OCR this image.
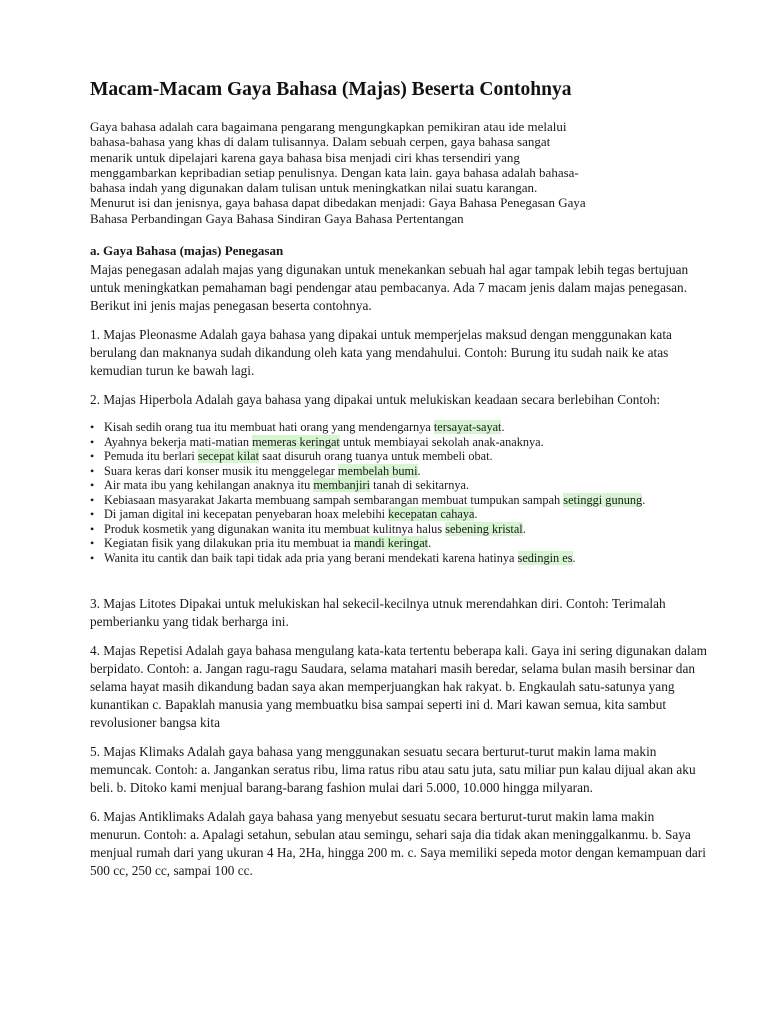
Macam-Macam Gaya Bahasa (Majas) Beserta Contohnya

Gaya bahasa adalah cara bagaimana pengarang mengungkapkan pemikiran atau ide melalui

bahasa-bahasa yang khas di dalam tulisannya. Dalam sebuah cerpen, gaya bahasa sangat

menarik untuk dipelajari karena gaya bahasa bisa menjadi ciri khas tersendiri yang

menggambarkan kepribadian setiap penulisnya. Dengan kata lain. gaya bahasa adalah bahasa-

bahasa indah yang digunakan dalam tulisan untuk meningkatkan nilai suatu karangan.

Menurut isi dan jenisnya, gaya bahasa dapat dibedakan menjadi: Gaya Bahasa Penegasan Gaya

Bahasa Perbandingan Gaya Bahasa Sindiran Gaya Bahasa Pertentangan

a. Gaya Bahasa (majas) Penegasan

Majas penegasan adalah majas yang digunakan untuk menekankan sebuah hal agar tampak lebih tegas bertujuan untuk meningkatkan pemahaman bagi pendengar atau pembacanya. Ada 7 macam jenis dalam majas penegasan. Berikut ini jenis majas penegasan beserta contohnya.

1. Majas Pleonasme Adalah gaya bahasa yang dipakai untuk memperjelas maksud dengan menggunakan kata berulang dan maknanya sudah dikandung oleh kata yang mendahului. Contoh: Burung itu sudah naik ke atas kemudian turun ke bawah lagi.

2. Majas Hiperbola Adalah gaya bahasa yang dipakai untuk melukiskan keadaan secara berlebihan Contoh:

• Kisah sedih orang tua itu membuat hati orang yang mendengarnya tersayat-sayat.
• Ayahnya bekerja mati-matian memeras keringat untuk membiayai sekolah anak-anaknya.
• Pemuda itu berlari secepat kilat saat disuruh orang tuanya untuk membeli obat.
• Suara keras dari konser musik itu menggelegar membelah bumi.
• Air mata ibu yang kehilangan anaknya itu membanjiri tanah di sekitarnya.
• Kebiasaan masyarakat Jakarta membuang sampah sembarangan membuat tumpukan sampah setinggi gunung.
• Di jaman digital ini kecepatan penyebaran hoax melebihi kecepatan cahaya.
• Produk kosmetik yang digunakan wanita itu membuat kulitnya halus sebening kristal.
• Kegiatan fisik yang dilakukan pria itu membuat ia mandi keringat.
• Wanita itu cantik dan baik tapi tidak ada pria yang berani mendekati karena hatinya sedingin es.

3. Majas Litotes Dipakai untuk melukiskan hal sekecil-kecilnya utnuk merendahkan diri. Contoh: Terimalah pemberianku yang tidak berharga ini.

4. Majas Repetisi Adalah gaya bahasa mengulang kata-kata tertentu beberapa kali. Gaya ini sering digunakan dalam berpidato. Contoh: a. Jangan ragu-ragu Saudara, selama matahari masih beredar, selama bulan masih bersinar dan selama hayat masih dikandung badan saya akan memperjuangkan hak rakyat. b. Engkaulah satu-satunya yang kunantikan c. Bapaklah manusia yang membuatku bisa sampai seperti ini d. Mari kawan semua, kita sambut revolusioner bangsa kita

5. Majas Klimaks Adalah gaya bahasa yang menggunakan sesuatu secara berturut-turut makin lama makin memuncak. Contoh: a. Jangankan seratus ribu, lima ratus ribu atau satu juta, satu miliar pun kalau dijual akan aku beli. b. Ditoko kami menjual barang-barang fashion mulai dari 5.000, 10.000 hingga milyaran.

6. Majas Antiklimaks Adalah gaya bahasa yang menyebut sesuatu secara berturut-turut makin lama makin menurun. Contoh: a. Apalagi setahun, sebulan atau semingu, sehari saja dia tidak akan meninggalkanmu. b. Saya menjual rumah dari yang ukuran 4 Ha, 2Ha, hingga 200 m. c. Saya memiliki sepeda motor dengan kemampuan dari 500 cc, 250 cc, sampai 100 cc.
